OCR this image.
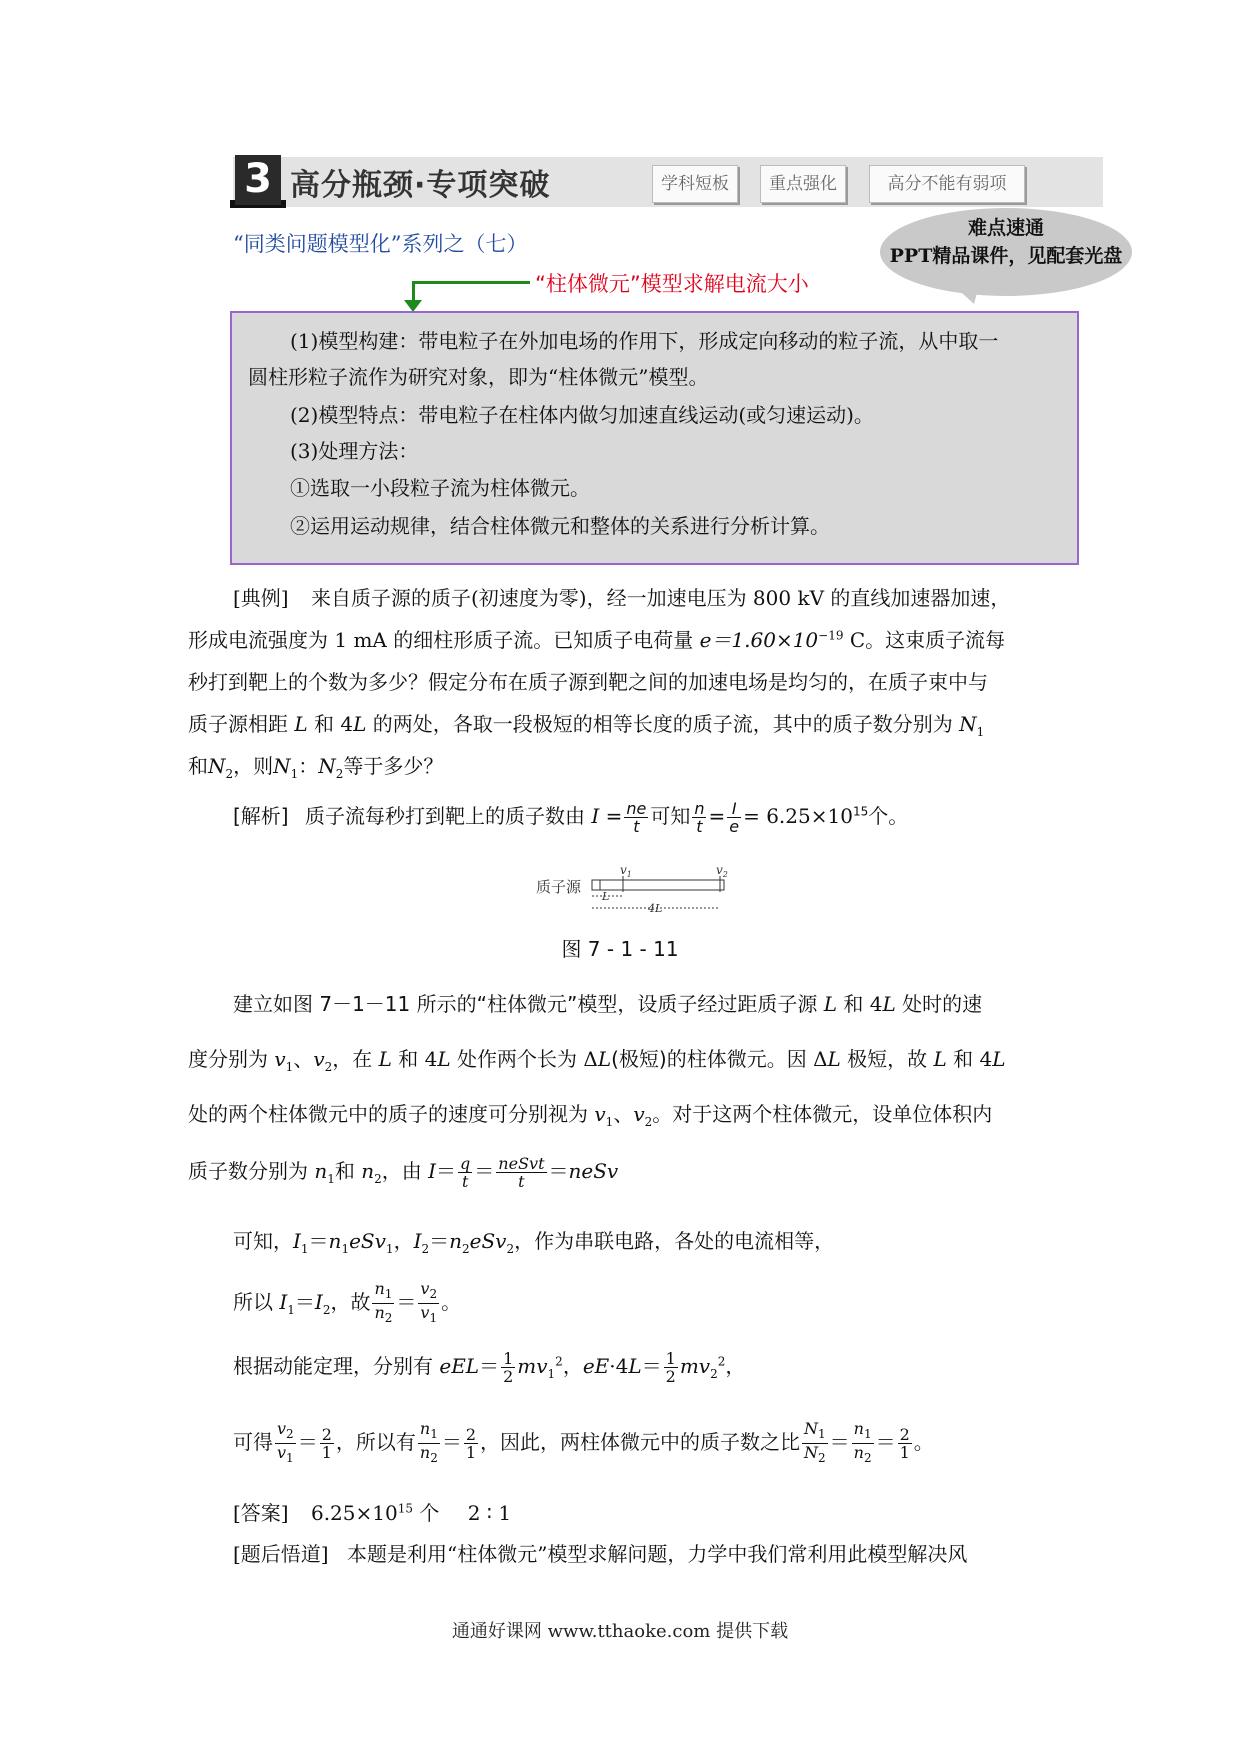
3 高分瓶颈·专项突破	学科短板	重点强化	高分不能有弱项
“同类问题模型化”系列之（七）
难点速通
PPT精品课件，见配套光盘
“柱体微元”模型求解电流大小
(1)模型构建：带电粒子在外加电场的作用下，形成定向移动的粒子流，从中取一
圆柱形粒子流作为研究对象，即为“柱体微元”模型。
(2)模型特点：带电粒子在柱体内做匀加速直线运动(或匀速运动)。
(3)处理方法：
①选取一小段粒子流为柱体微元。
②运用运动规律，结合柱体微元和整体的关系进行分析计算。
[典例] 来自质子源的质子(初速度为零)，经一加速电压为 800 kV 的直线加速器加速，
形成电流强度为 1 mA 的细柱形质子流。已知质子电荷量 $e=1.60\times 10^{-19}$ C。这束质子流每
秒打到靶上的个数为多少？假定分布在质子源到靶之间的加速电场是均匀的，在质子束中与
质子源相距 L 和 4L 的两处，各取一段极短的相等长度的质子流，其中的质子数分别为 $N_1$
和$N_2$，则$N_1$：$N_2$等于多少？
[解析] 质子流每秒打到靶上的质子数由 $I = \frac{ne}{t}$ 可知 $\frac{n}{t} = \frac{I}{e} = 6.25\times 10^{15}$个。
质子源
$v_1$	$v_2$
L
4L
图 7 - 1 - 11
建立如图 7－1－11 所示的“柱体微元”模型，设质子经过距质子源 L 和 4L 处时的速
度分别为 $v_1$、$v_2$，在 L 和 4L 处作两个长为 ΔL(极短)的柱体微元。因 ΔL 极短，故 L 和 4L
处的两个柱体微元中的质子的速度可分别视为 $v_1$、$v_2$。对于这两个柱体微元，设单位体积内
质子数分别为 $n_1$和 $n_2$，由 $I= \frac{q}{t} = \frac{\text{neSvt}}{t}$ ＝neSv
可知，$I_1=n_1eSv_1$，$I_2=n_2eSv_2$，作为串联电路，各处的电流相等，
所以 $I_1=I_2$，故 $\frac{n_1}{n_2} = \frac{v_2}{v_1}$ 。
根据动能定理，分别有 $eEL= \frac{1}{2} mv_1^2$，$eE\cdot 4L= \frac{1}{2} mv_2^2$，
可得 $\frac{v_2}{v_1} = \frac{2}{1}$ ，所以有 $\frac{n_1}{n_2} = \frac{2}{1}$ ，因此，两柱体微元中的质子数之比 $\frac{N_1}{N_2} = \frac{n_1}{n_2} = \frac{2}{1}$ 。
[答案] $6.25\times 10^{15}$ 个 2 ∶ 1
[题后悟道] 本题是利用“柱体微元”模型求解问题，力学中我们常利用此模型解决风
通通好课网 www.tthaoke.com 提供下载
